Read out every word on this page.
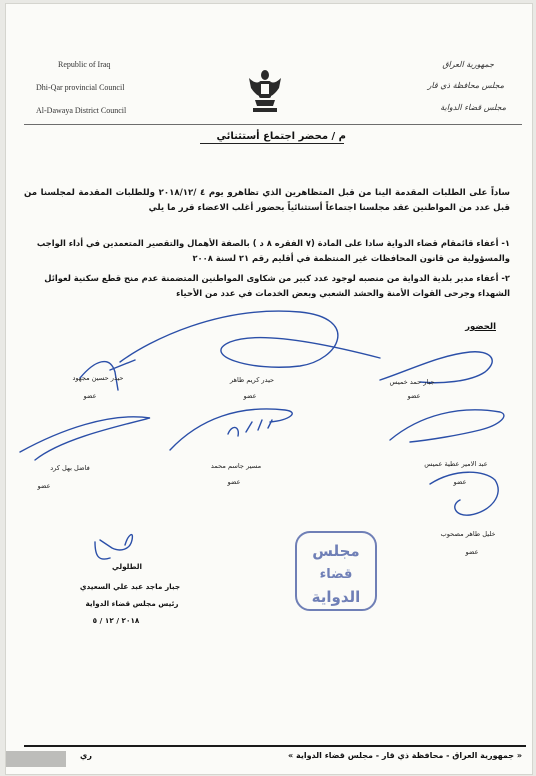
Republic of Iraq
Dhi-Qar provincial Council
Al-Dawaya District Council
جمهورية العراق
مجلس محافظة ذي قار
مجلس قضاء الدواية
م / محضر اجتماع أستثنائي
ساداً على الطلبات المقدمة الينا من قبل المتظاهرين الذي تظاهرو يوم ٤ /٢٠١٨/١٢ وللطلبات المقدمة لمجلسنا من قبل عدد من المواطنين عقد مجلسنا اجتماعاً أستثنائياً بحضور أغلب الاعضاء قرر ما يلي
١- أعفاء قائمقام قضاء الدواية سادا على المادة (٧ الفقره ٨ د ) بالصفة الأهمال والتقصير المتعمدين في أداء الواجب والمسؤولية من قانون المحافظات غير المنتظمة في أقليم رقم ٢١ لسنة ٢٠٠٨
٢- أعفاء مدير بلدية الدواية من منصبه لوجود عدد كبير من شكاوى المواطنين المتضمنة عدم منح قطع سكنية لعوائل الشهداء وجرحى القوات الأمنة والحشد الشعبي وبعض الخدمات في عدد من الأحياء
الحضور
جبار حمد خميس
عضو
حيدر كريم ظاهر
عضو
حيدر حسين مجهود
عضو
عبد الامير عطية عميس
عضو
مسير جاسم محمد
عضو
فاضل بهل كرد
عضو
خليل طاهر مصحوب
عضو
مجلس
قضاء
الدواية
الطلولي
جبار ماجد عبد علي السعيدي
رئيس مجلس قضاء الدواية
٢٠١٨ / ١٢ / ٥
« جمهورية العراق - محافظة ذي قار - مجلس قضاء الدواية »
ري
